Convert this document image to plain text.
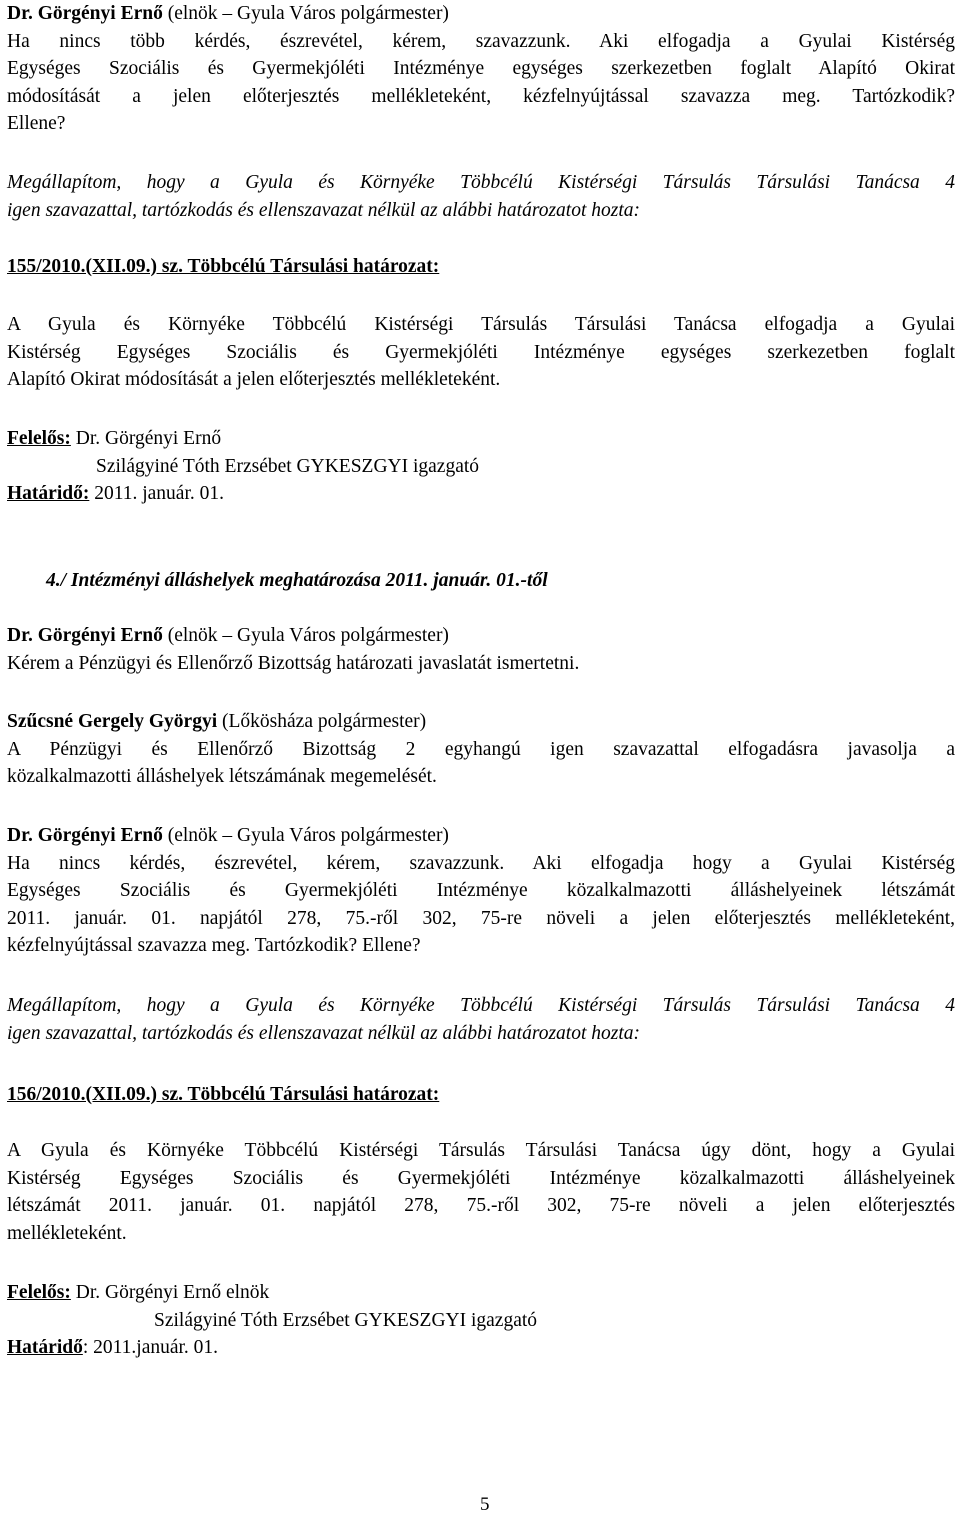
Dr. Görgényi Ernő (elnök – Gyula Város polgármester)
Ha nincs több kérdés, észrevétel, kérem, szavazzunk. Aki elfogadja a Gyulai Kistérség
Egységes Szociális és Gyermekjóléti Intézménye egységes szerkezetben foglalt Alapító Okirat
módosítását a jelen előterjesztés mellékleteként, kézfelnyújtással szavazza meg. Tartózkodik?
Ellene?
Megállapítom, hogy a Gyula és Környéke Többcélú Kistérségi Társulás Társulási Tanácsa 4
igen szavazattal, tartózkodás és ellenszavazat nélkül az alábbi határozatot hozta:
155/2010.(XII.09.) sz. Többcélú Társulási határozat:
A Gyula és Környéke Többcélú Kistérségi Társulás Társulási Tanácsa elfogadja a Gyulai
Kistérség Egységes Szociális és Gyermekjóléti Intézménye egységes szerkezetben foglalt
Alapító Okirat módosítását a jelen előterjesztés mellékleteként.
Felelős: Dr. Görgényi Ernő
Szilágyiné Tóth Erzsébet GYKESZGYI igazgató
Határidő: 2011. január. 01.
4./ Intézményi álláshelyek meghatározása 2011. január. 01.-től
Dr. Görgényi Ernő (elnök – Gyula Város polgármester)
Kérem a Pénzügyi és Ellenőrző Bizottság határozati javaslatát ismertetni.
Szűcsné Gergely Györgyi (Lőkösháza polgármester)
A Pénzügyi és Ellenőrző Bizottság 2 egyhangú igen szavazattal elfogadásra javasolja a
közalkalmazotti álláshelyek létszámának megemelését.
Dr. Görgényi Ernő (elnök – Gyula Város polgármester)
Ha nincs kérdés, észrevétel, kérem, szavazzunk. Aki elfogadja hogy a Gyulai Kistérség
Egységes Szociális és Gyermekjóléti Intézménye közalkalmazotti álláshelyeinek létszámát
2011. január. 01. napjától 278, 75.-ről 302, 75-re növeli a jelen előterjesztés mellékleteként,
kézfelnyújtással szavazza meg. Tartózkodik? Ellene?
Megállapítom, hogy a Gyula és Környéke Többcélú Kistérségi Társulás Társulási Tanácsa 4
igen szavazattal, tartózkodás és ellenszavazat nélkül az alábbi határozatot hozta:
156/2010.(XII.09.) sz. Többcélú Társulási határozat:
A Gyula és Környéke Többcélú Kistérségi Társulás Társulási Tanácsa úgy dönt, hogy a Gyulai
Kistérség Egységes Szociális és Gyermekjóléti Intézménye közalkalmazotti álláshelyeinek
létszámát 2011. január. 01. napjától 278, 75.-ről 302, 75-re növeli a jelen előterjesztés
mellékleteként.
Felelős: Dr. Görgényi Ernő elnök
Szilágyiné Tóth Erzsébet GYKESZGYI igazgató
Határidő: 2011.január. 01.
5
